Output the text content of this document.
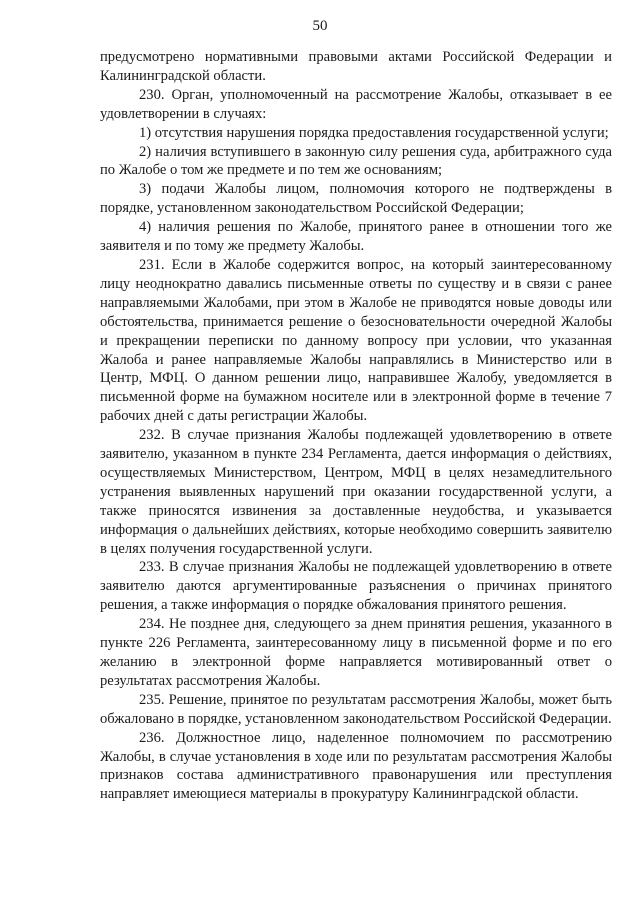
50

предусмотрено нормативными правовыми актами Российской Федерации и Калининградской области.

230. Орган, уполномоченный на рассмотрение Жалобы, отказывает в ее удовлетворении в случаях:

1) отсутствия нарушения порядка предоставления государственной услуги;

2) наличия вступившего в законную силу решения суда, арбитражного суда по Жалобе о том же предмете и по тем же основаниям;

3) подачи Жалобы лицом, полномочия которого не подтверждены в порядке, установленном законодательством Российской Федерации;

4) наличия решения по Жалобе, принятого ранее в отношении того же заявителя и по тому же предмету Жалобы.

231. Если в Жалобе содержится вопрос, на который заинтересованному лицу неоднократно давались письменные ответы по существу и в связи с ранее направляемыми Жалобами, при этом в Жалобе не приводятся новые доводы или обстоятельства, принимается решение о безосновательности очередной Жалобы и прекращении переписки по данному вопросу при условии, что указанная Жалоба и ранее направляемые Жалобы направлялись в Министерство или в Центр, МФЦ. О данном решении лицо, направившее Жалобу, уведомляется в письменной форме на бумажном носителе или в электронной форме в течение 7 рабочих дней с даты регистрации Жалобы.

232. В случае признания Жалобы подлежащей удовлетворению в ответе заявителю, указанном в пункте 234 Регламента, дается информация о действиях, осуществляемых Министерством, Центром, МФЦ в целях незамедлительного устранения выявленных нарушений при оказании государственной услуги, а также приносятся извинения за доставленные неудобства, и указывается информация о дальнейших действиях, которые необходимо совершить заявителю в целях получения государственной услуги.

233. В случае признания Жалобы не подлежащей удовлетворению в ответе заявителю даются аргументированные разъяснения о причинах принятого решения, а также информация о порядке обжалования принятого решения.

234. Не позднее дня, следующего за днем принятия решения, указанного в пункте 226 Регламента, заинтересованному лицу в письменной форме и по его желанию в электронной форме направляется мотивированный ответ о результатах рассмотрения Жалобы.

235. Решение, принятое по результатам рассмотрения Жалобы, может быть обжаловано в порядке, установленном законодательством Российской Федерации.

236. Должностное лицо, наделенное полномочием по рассмотрению Жалобы, в случае установления в ходе или по результатам рассмотрения Жалобы признаков состава административного правонарушения или преступления направляет имеющиеся материалы в прокуратуру Калининградской области.
